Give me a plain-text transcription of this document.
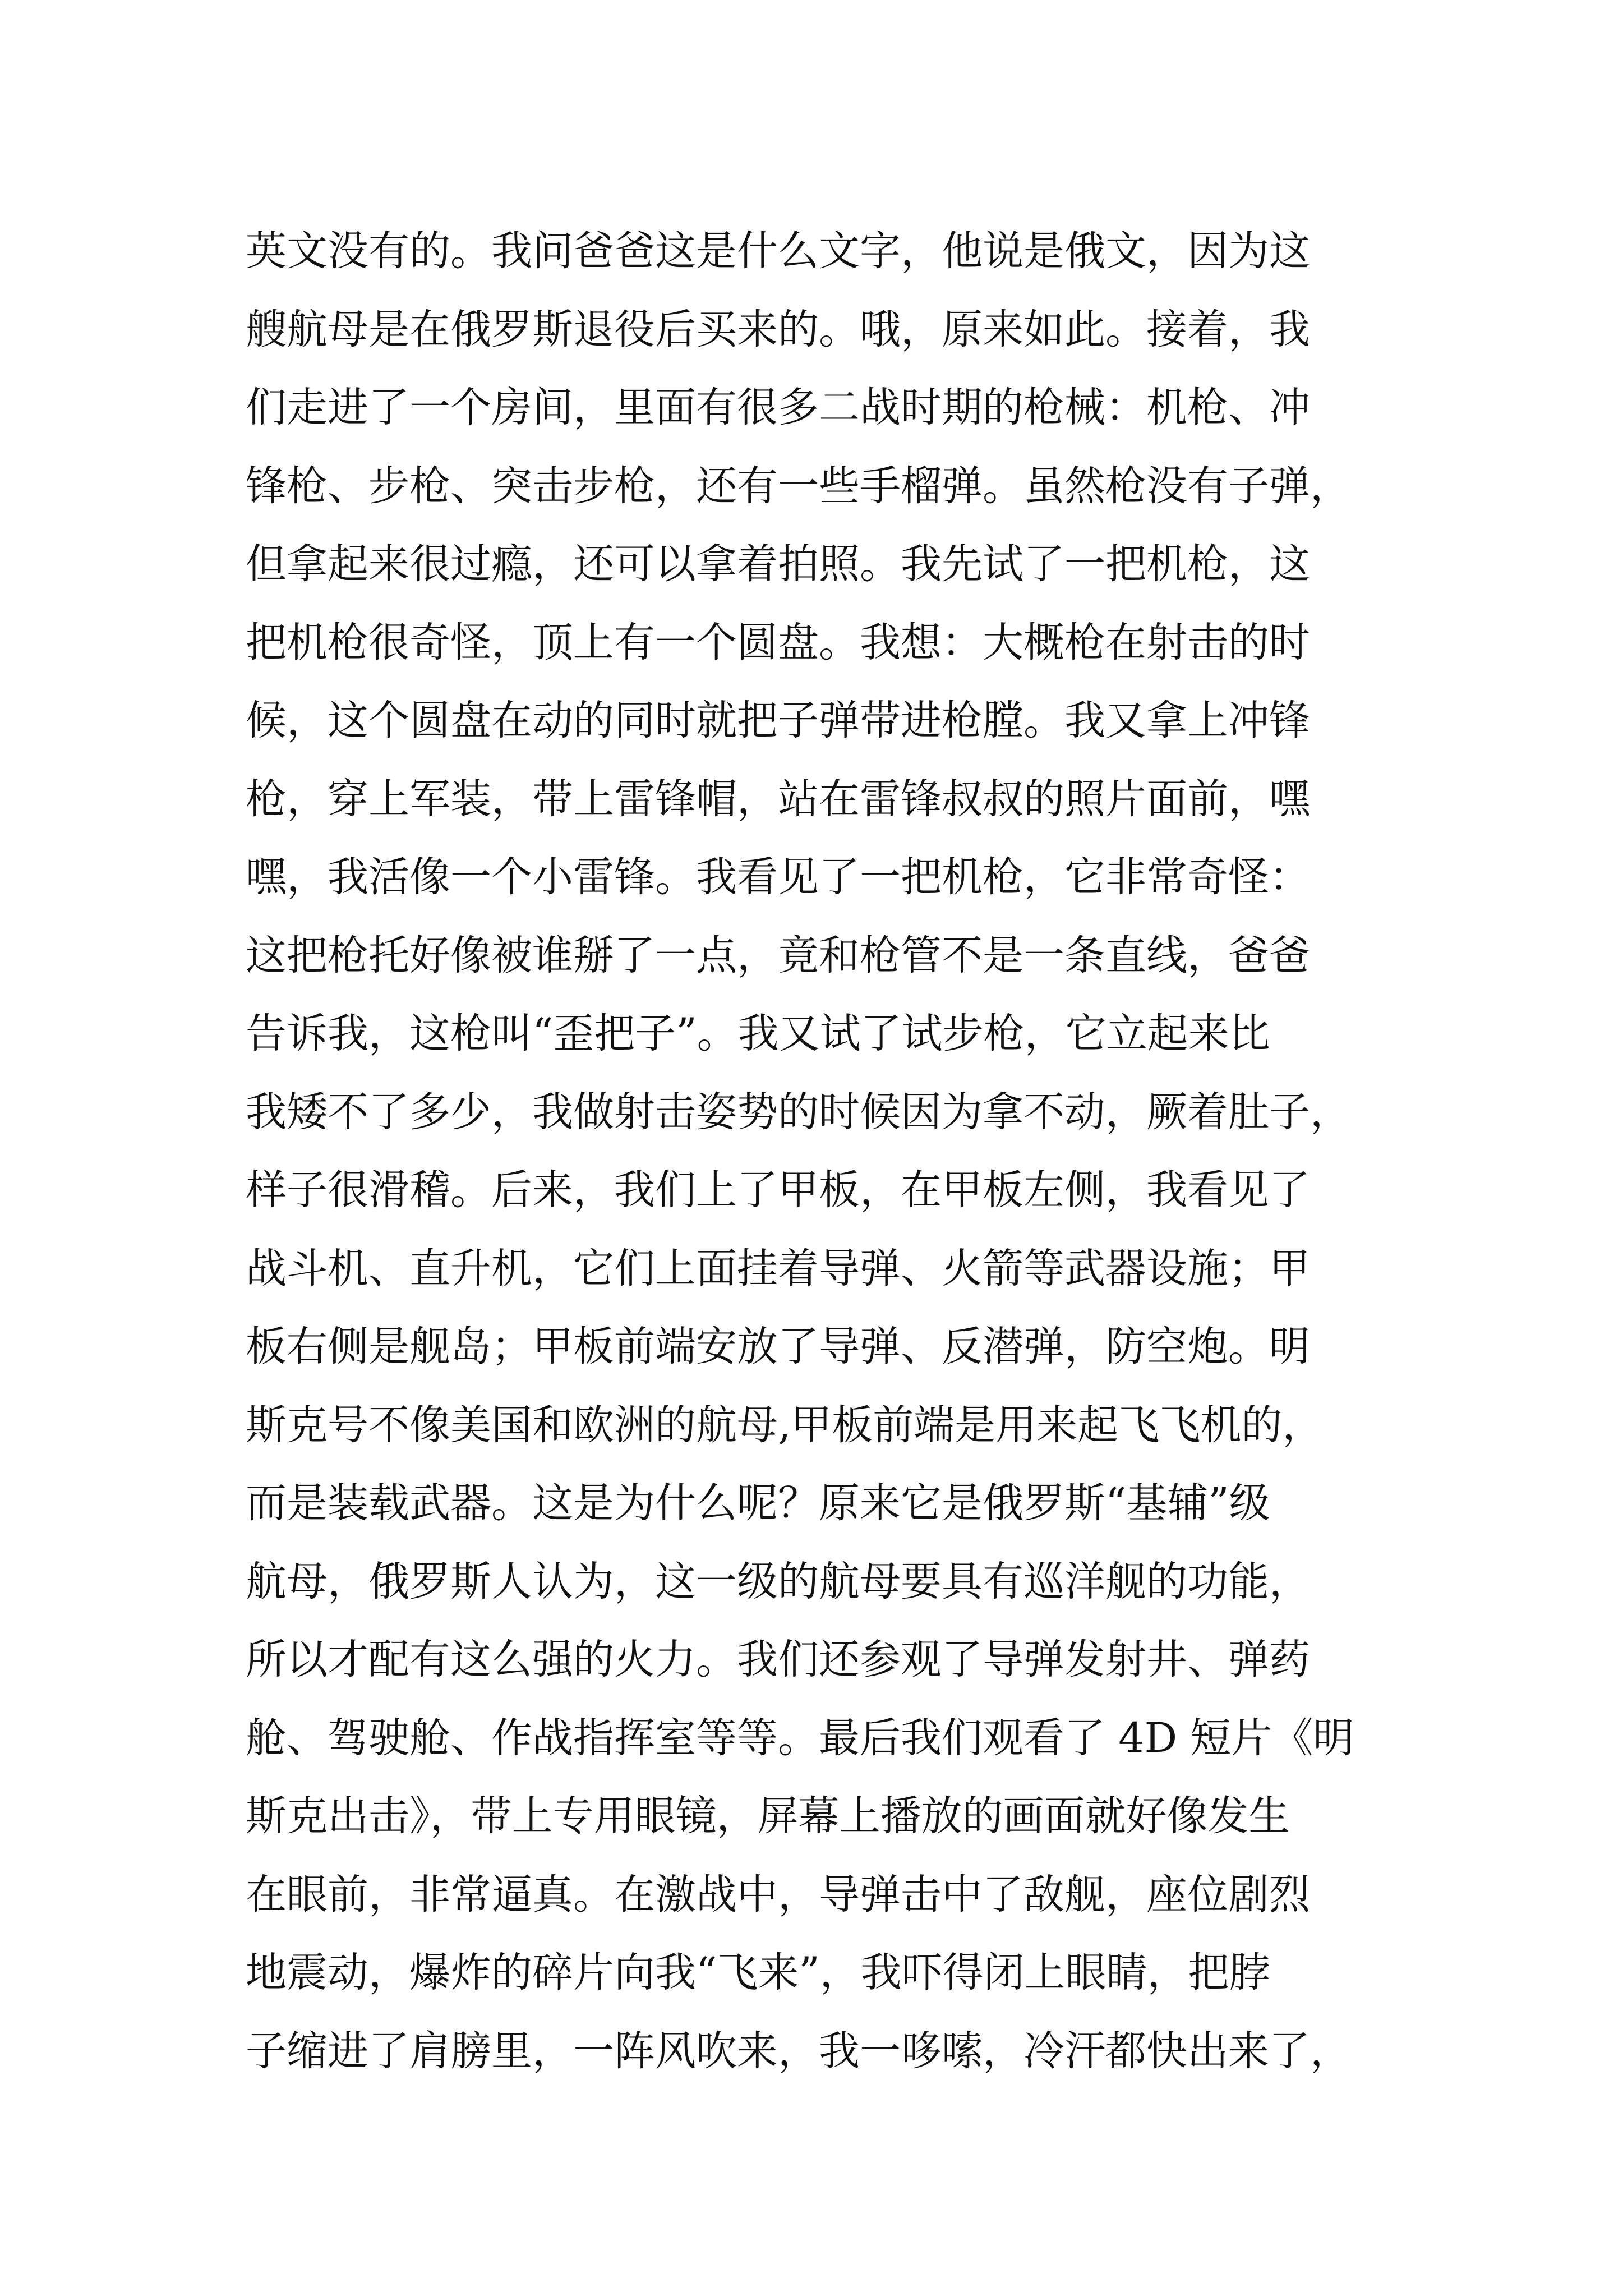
英文没有的。我问爸爸这是什么文字，他说是俄文，因为这
艘航母是在俄罗斯退役后买来的。哦，原来如此。接着，我
们走进了一个房间，里面有很多二战时期的枪械：机枪、冲
锋枪、步枪、突击步枪，还有一些手榴弹。虽然枪没有子弹，
但拿起来很过瘾，还可以拿着拍照。我先试了一把机枪，这
把机枪很奇怪，顶上有一个圆盘。我想：大概枪在射击的时
候，这个圆盘在动的同时就把子弹带进枪膛。我又拿上冲锋
枪，穿上军装，带上雷锋帽，站在雷锋叔叔的照片面前，嘿
嘿，我活像一个小雷锋。我看见了一把机枪，它非常奇怪：
这把枪托好像被谁掰了一点，竟和枪管不是一条直线，爸爸
告诉我，这枪叫“歪把子”。我又试了试步枪，它立起来比
我矮不了多少，我做射击姿势的时候因为拿不动，厥着肚子，
样子很滑稽。后来，我们上了甲板，在甲板左侧，我看见了
战斗机、直升机，它们上面挂着导弹、火箭等武器设施；甲
板右侧是舰岛；甲板前端安放了导弹、反潜弹，防空炮。明
斯克号不像美国和欧洲的航母,甲板前端是用来起飞飞机的，
而是装载武器。这是为什么呢？原来它是俄罗斯“基辅”级
航母，俄罗斯人认为，这一级的航母要具有巡洋舰的功能，
所以才配有这么强的火力。我们还参观了导弹发射井、弹药
舱、驾驶舱、作战指挥室等等。最后我们观看了 4D 短片《明
斯克出击》，带上专用眼镜，屏幕上播放的画面就好像发生
在眼前，非常逼真。在激战中，导弹击中了敌舰，座位剧烈
地震动，爆炸的碎片向我“飞来”，我吓得闭上眼睛，把脖
子缩进了肩膀里，一阵风吹来，我一哆嗦，冷汗都快出来了，
